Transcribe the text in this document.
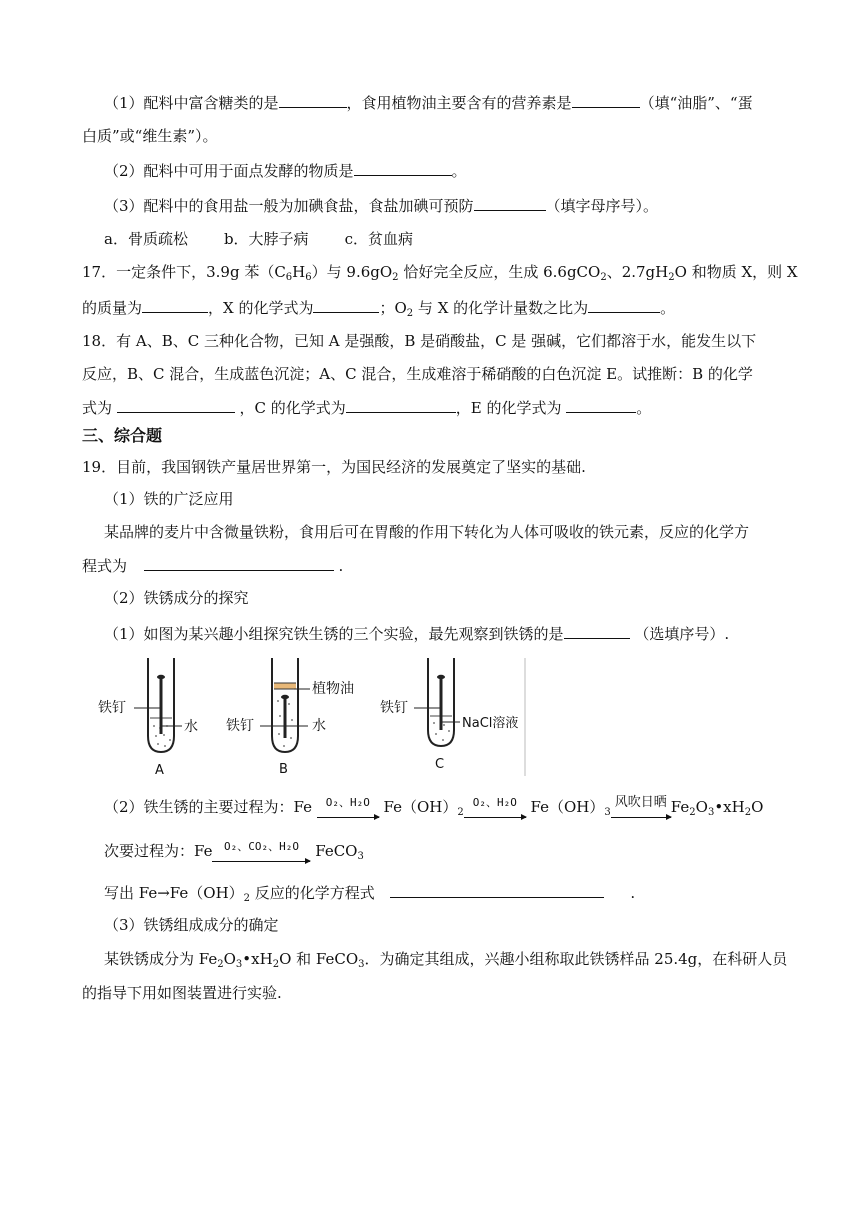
（1）配料中富含糖类的是	，食用植物油主要含有的营养素是	（填“油脂”、“蛋
白质”或“维生素”）。
（2）配料中可用于面点发酵的物质是	。
（3）配料中的食用盐一般为加碘食盐，食盐加碘可预防	（填字母序号）。
a．骨质疏松 b．大脖子病 c．贫血病
17．一定条件下，3.9g 苯$(C_6H_6)$与 $9.6gO_2$ 恰好完全反应，生成 6.6gCO$_2$、$2.7gH_2O$ 和物质 X，则 X
的质量为	，X 的化学式为	；$O_2$ 与 X 的化学计量数之比为	。
18．有 A、B、C 三种化合物，已知 A 是强酸，B 是硝酸盐，C 是 强碱，它们都溶于水，能发生以下
反应，B、C 混合，生成蓝色沉淀；A、C 混合，生成难溶于稀硝酸的白色沉淀 E。试推断：B 的化学
式为	，C 的化学式为	，E 的化学式为	。
三、综合题
19．目前，我国钢铁产量居世界第一，为国民经济的发展奠定了坚实的基础.
（1）铁的广泛应用
某品牌的麦片中含微量铁粉，食用后可在胃酸的作用下转化为人体可吸收的铁元素，反应的化学方
程式为	.
（2）铁锈成分的探究
（1）如图为某兴趣小组探究铁生锈的三个实验，最先观察到铁锈的是	（选填序号）.
铁钉
水
植物油
铁钉	水
铁钉
NaCl溶液
A	B	C
（2）铁生锈的主要过程为：Fe $^{O_2、H_2O}$
$Fe(OH)_2^{O_2、H_2O}$
$Fe(OH)_3$风吹日晒 $Fe_2O_3•xH_2O$
次要过程为：Fe $^{O_2、CO_2、H_2O}$
FeCO$_3$
写出 $Fe\to Fe(OH)_2$ 反应的化学方程式	.
（3）铁锈组成成分的确定
某铁锈成分为 $Fe_2O_3•xH_2O$ 和 FeCO$_3$．为确定其组成，兴趣小组称取此铁锈样品 25.4g，在科研人员
的指导下用如图装置进行实验.
